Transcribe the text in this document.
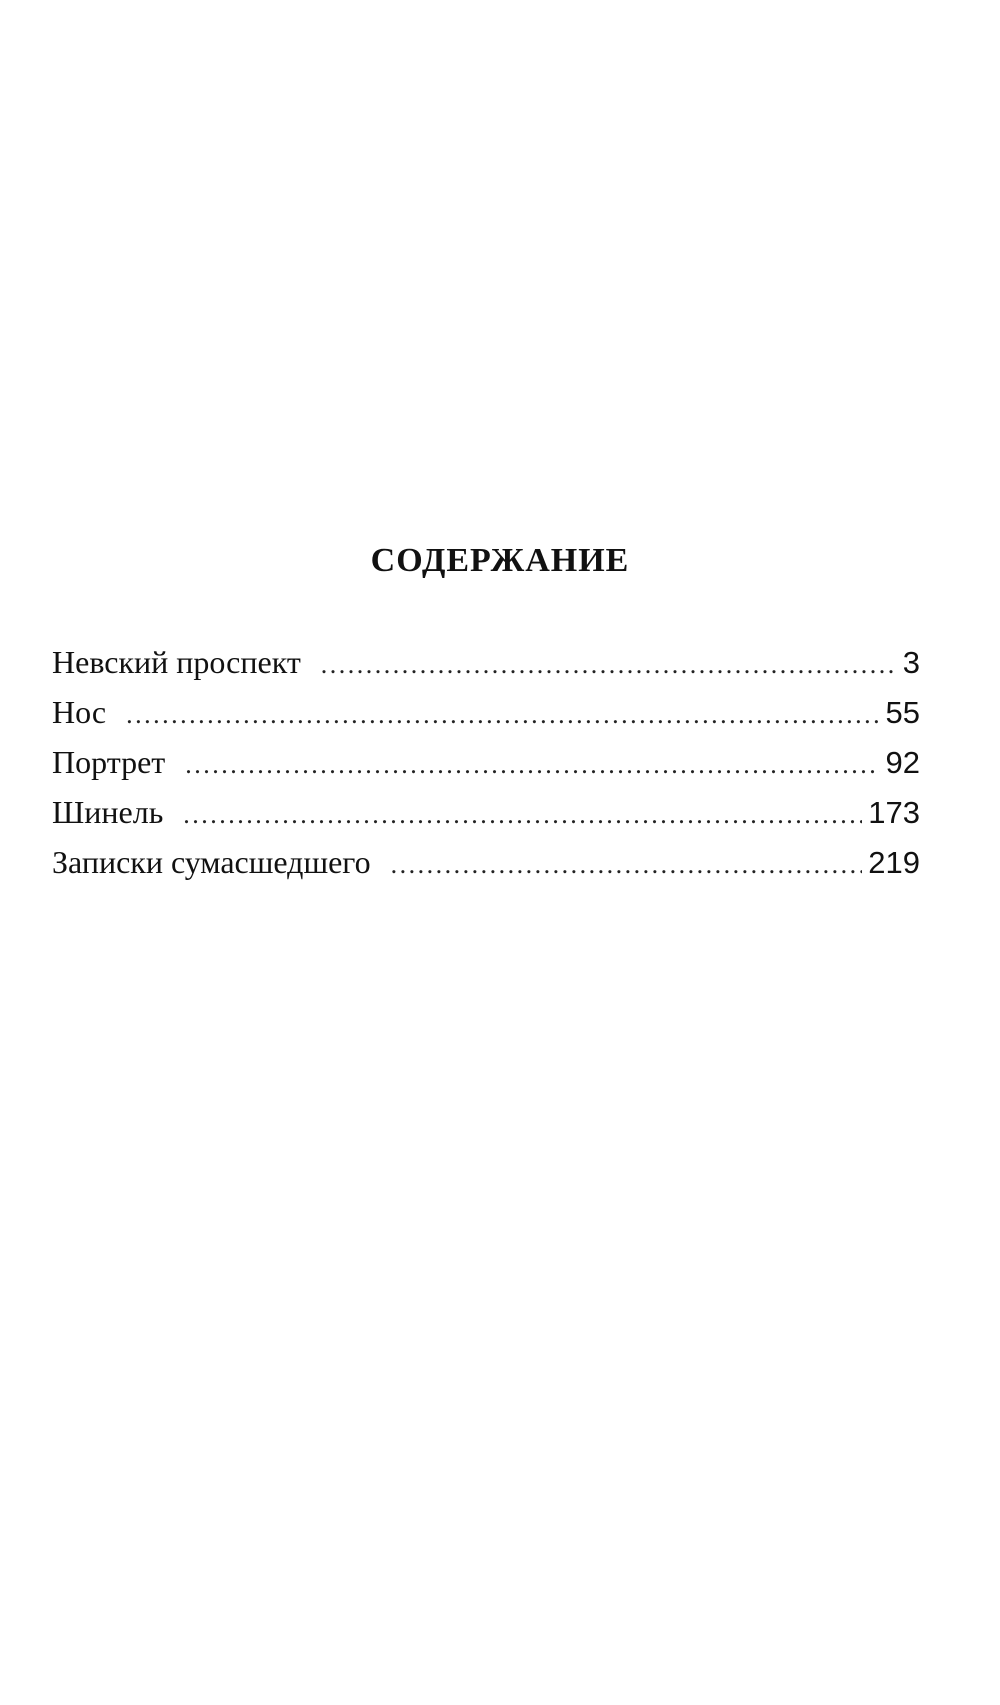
СОДЕРЖАНИЕ
Невский проспект . . .	3
Нос . . .	55
Портрет . . .	92
Шинель . . .	173
Записки сумасшедшего . . .	219
